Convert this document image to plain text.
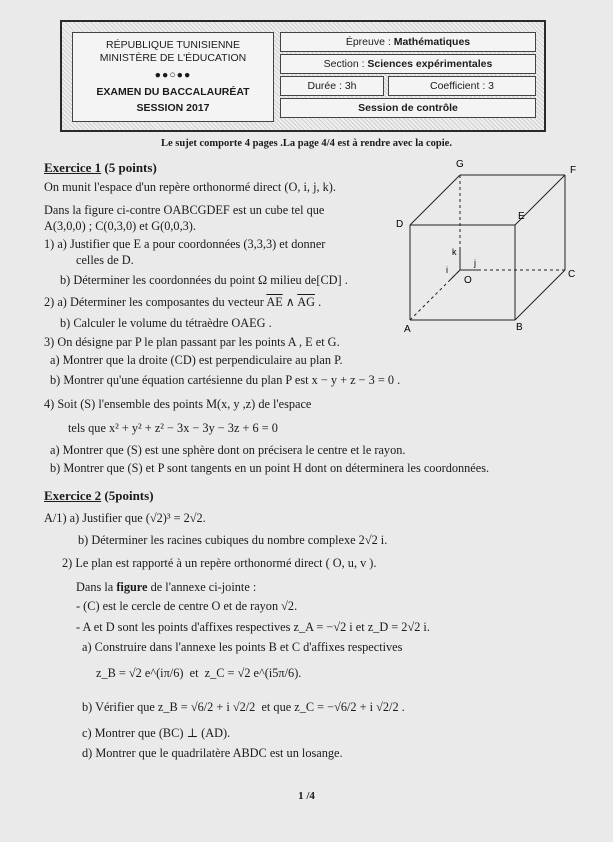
RÉPUBLIQUE TUNISIENNE
MINISTÈRE DE L'ÉDUCATION
●●○●●
EXAMEN DU BACCALAURÉAT
SESSION 2017
Épreuve :
Mathématiques
Section :
Sciences expérimentales
Durée : 3h	Coefficient : 3
Session de contrôle
Le sujet comporte 4 pages .La page 4/4 est à rendre avec la copie.
Exercice 1 (5 points)
On munit l'espace d'un repère orthonormé direct (O, i, j, k).
Dans la figure ci-contre OABCGDEF est un cube tel que
A(3,0,0) ; C(0,3,0) et G(0,0,3).
1) a) Justifier que E a pour coordonnées (3,3,3) et donner
celles de D.
b) Déterminer les coordonnées du point Ω milieu de[CD] .
2) a) Déterminer les composantes du vecteur $\overline{AE}$ ∧ $\overline{AG}$ .
b) Calculer le volume du tétraèdre OAEG .
3) On désigne par P le plan passant par les points A , E et G.
a) Montrer que la droite (CD) est perpendiculaire au plan P.
b) Montrer qu'une équation cartésienne du plan P est x − y + z − 3 = 0 .
4) Soit (S) l'ensemble des points M(x, y ,z) de l'espace
tels que x² + y² + z² − 3x − 3y − 3z + 6 = 0
a) Montrer que (S) est une sphère dont on précisera le centre et le rayon.
b) Montrer que (S) et P sont tangents en un point H dont on déterminera les coordonnées.
G
F
D
E
O
C
A	B
k
j
i
Exercice 2 (5points)
A/1) a) Justifier que (√2)³ = 2√2.
b) Déterminer les racines cubiques du nombre complexe 2√2 i.
2) Le plan est rapporté à un repère orthonormé direct ( O, u, v ).
Dans la figure de l'annexe ci-jointe :
- (C) est le cercle de centre O et de rayon √2.
- A et D sont les points d'affixes respectives z_A = −√2 i et z_D = 2√2 i.
a) Construire dans l'annexe les points B et C d'affixes respectives
z_B = √2 e^(iπ/6) et z_C = √2 e^(i5π/6).
b) Vérifier que z_B = √6/2 + i √2/2 et que z_C = −√6/2 + i √2/2 .
c) Montrer que (BC) ⊥ (AD).
d) Montrer que le quadrilatère ABDC est un losange.
1 /4
